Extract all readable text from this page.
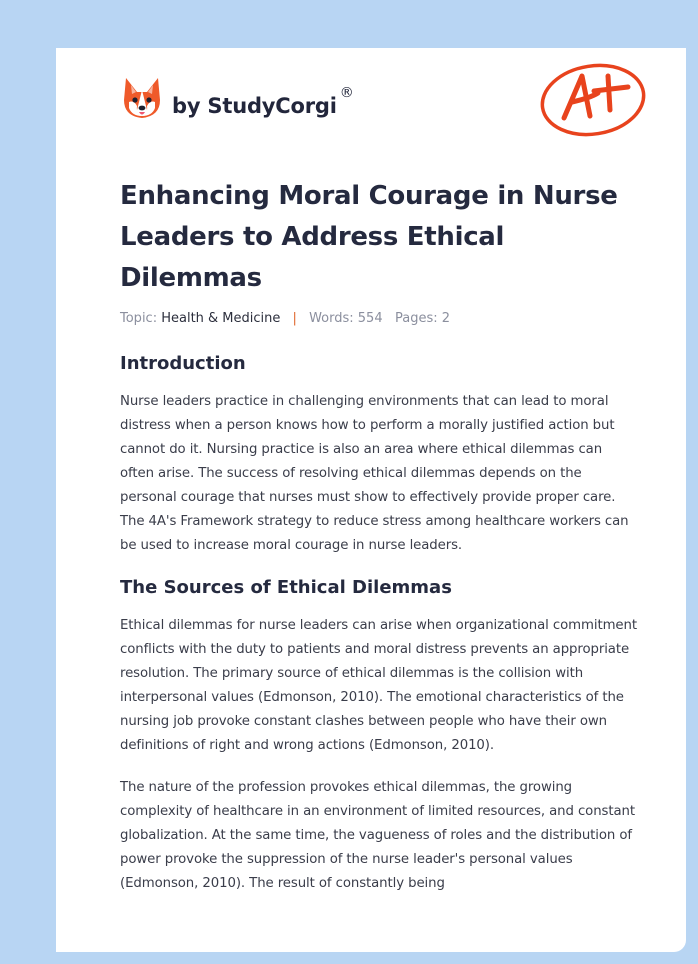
by StudyCorgi®
Enhancing Moral Courage in Nurse Leaders to Address Ethical Dilemmas
Topic: Health & Medicine | Words: 554 Pages: 2
Introduction

Nurse leaders practice in challenging environments that can lead to moral distress when a person knows how to perform a morally justified action but cannot do it. Nursing practice is also an area where ethical dilemmas can often arise. The success of resolving ethical dilemmas depends on the personal courage that nurses must show to effectively provide proper care. The 4A's Framework strategy to reduce stress among healthcare workers can be used to increase moral courage in nurse leaders.

The Sources of Ethical Dilemmas

Ethical dilemmas for nurse leaders can arise when organizational commitment conflicts with the duty to patients and moral distress prevents an appropriate resolution. The primary source of ethical dilemmas is the collision with interpersonal values (Edmonson, 2010). The emotional characteristics of the nursing job provoke constant clashes between people who have their own definitions of right and wrong actions (Edmonson, 2010).

The nature of the profession provokes ethical dilemmas, the growing complexity of healthcare in an environment of limited resources, and constant globalization. At the same time, the vagueness of roles and the distribution of power provoke the suppression of the nurse leader's personal values (Edmonson, 2010). The result of constantly being
